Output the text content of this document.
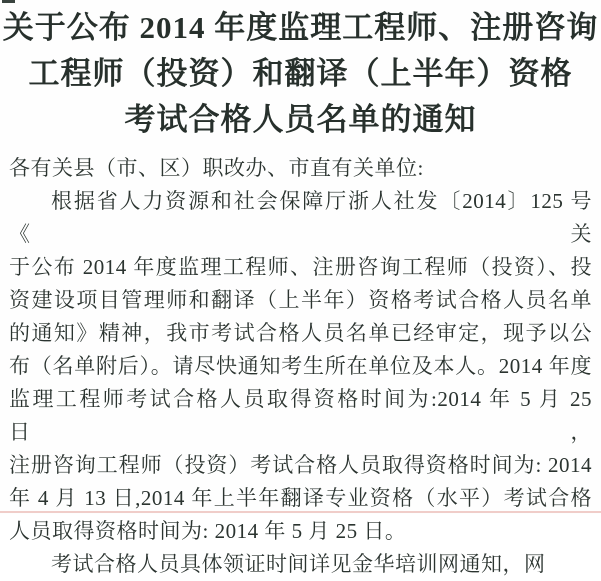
关于公布 2014 年度监理工程师、注册咨询
工程师（投资）和翻译（上半年）资格
考试合格人员名单的通知
各有关县（市、区）职改办、市直有关单位:
根据省人力资源和社会保障厅浙人社发〔2014〕125 号《关
于公布 2014 年度监理工程师、注册咨询工程师（投资）、投
资建设项目管理师和翻译（上半年）资格考试合格人员名单
的通知》精神，我市考试合格人员名单已经审定，现予以公
布（名单附后）。请尽快通知考生所在单位及本人。2014 年度
监理工程师考试合格人员取得资格时间为:2014 年 5 月 25 日，
注册咨询工程师（投资）考试合格人员取得资格时间为: 2014
年 4 月 13 日,2014 年上半年翻译专业资格（水平）考试合格
人员取得资格时间为: 2014 年 5 月 25 日。
考试合格人员具体领证时间详见金华培训网通知，网
